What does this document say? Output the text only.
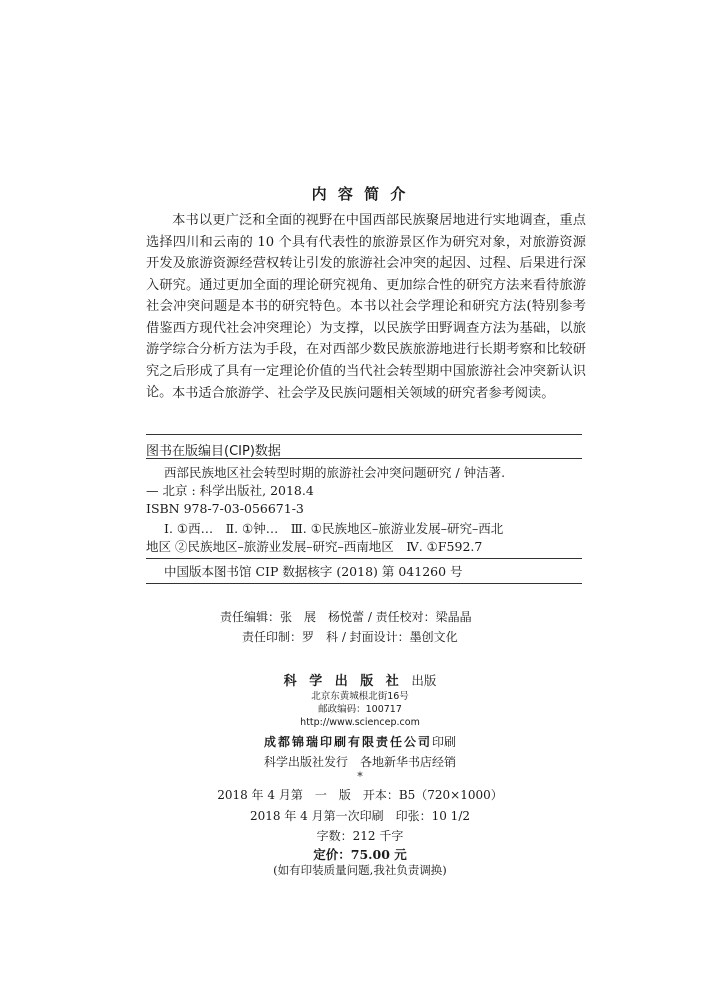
内 容 简 介

本书以更广泛和全面的视野在中国西部民族聚居地进行实地调查，重点选择四川和云南的 10 个具有代表性的旅游景区作为研究对象，对旅游资源开发及旅游资源经营权转让引发的旅游社会冲突的起因、过程、后果进行深入研究。通过更加全面的理论研究视角、更加综合性的研究方法来看待旅游社会冲突问题是本书的研究特色。本书以社会学理论和研究方法(特别参考借鉴西方现代社会冲突理论）为支撑，以民族学田野调查方法为基础，以旅游学综合分析方法为手段，在对西部少数民族旅游地进行长期考察和比较研究之后形成了具有一定理论价值的当代社会转型期中国旅游社会冲突新认识论。 本书适合旅游学、社会学及民族问题相关领域的研究者参考阅读。

图书在版编目(CIP)数据
西部民族地区社会转型时期的旅游社会冲突问题研究 / 钟洁著.
— 北京 : 科学出版社, 2018.4
ISBN 978-7-03-056671-3
Ⅰ. ①西…　Ⅱ. ①钟…　Ⅲ. ①民族地区–旅游业发展–研究–西北
地区 ②民族地区–旅游业发展–研究–西南地区　Ⅳ. ①F592.7
中国版本图书馆 CIP 数据核字 (2018) 第 041260 号
责任编辑：张　展　杨悦蕾 / 责任校对：梁晶晶
责任印制：罗　科 / 封面设计：墨创文化
科 学 出 版 社 出版
北京东黄城根北街16号
邮政编码：100717
http://www.sciencep.com
成都锦瑞印刷有限责任公司印刷
科学出版社发行　各地新华书店经销
*
2018 年 4 月第　一　版　开本：B5（720×1000）
2018 年 4 月第一次印刷　印张：10 1/2
字数：212 千字
定价：75.00 元
(如有印装质量问题,我社负责调换)
